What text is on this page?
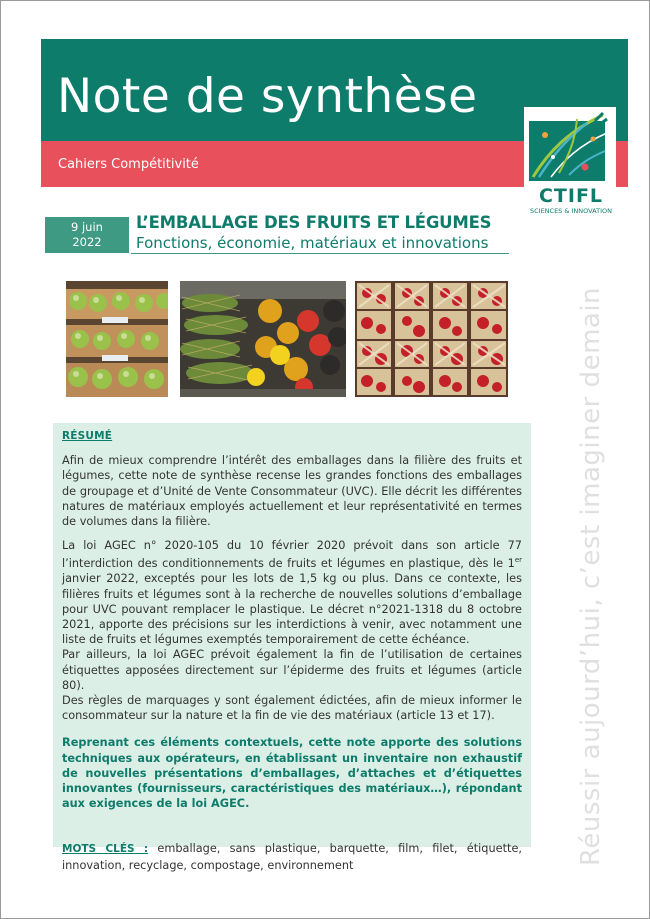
Note de synthèse
Cahiers Compétitivité
CTIFL
SCIENCES & INNOVATION
9 juin
2022
L’EMBALLAGE DES FRUITS ET LÉGUMES
Fonctions, économie, matériaux et innovations
Réussir aujourd’hui, c’est imaginer demain
RÉSUMÉ

Afin de mieux comprendre l’intérêt des emballages dans la filière des fruits et légumes, cette note de synthèse recense les grandes fonctions des emballages de groupage et d’Unité de Vente Consommateur (UVC). Elle décrit les différentes natures de matériaux employés actuellement et leur représentativité en termes de volumes dans la filière.

La loi AGEC n° 2020-105 du 10 février 2020 prévoit dans son article 77 l’interdiction des conditionnements de fruits et légumes en plastique, dès le 1er janvier 2022, exceptés pour les lots de 1,5 kg ou plus. Dans ce contexte, les filières fruits et légumes sont à la recherche de nouvelles solutions d’emballage pour UVC pouvant remplacer le plastique. Le décret n°2021-1318 du 8 octobre 2021, apporte des précisions sur les interdictions à venir, avec notamment une liste de fruits et légumes exemptés temporairement de cette échéance.

Par ailleurs, la loi AGEC prévoit également la fin de l’utilisation de certaines étiquettes apposées directement sur l’épiderme des fruits et légumes (article 80).

Des règles de marquages y sont également édictées, afin de mieux informer le consommateur sur la nature et la fin de vie des matériaux (article 13 et 17).

Reprenant ces éléments contextuels, cette note apporte des solutions techniques aux opérateurs, en établissant un inventaire non exhaustif de nouvelles présentations d’emballages, d’attaches et d’étiquettes innovantes (fournisseurs, caractéristiques des matériaux…), répondant aux exigences de la loi AGEC.

MOTS CLÉS : emballage, sans plastique, barquette, film, filet, étiquette, innovation, recyclage, compostage, environnement
